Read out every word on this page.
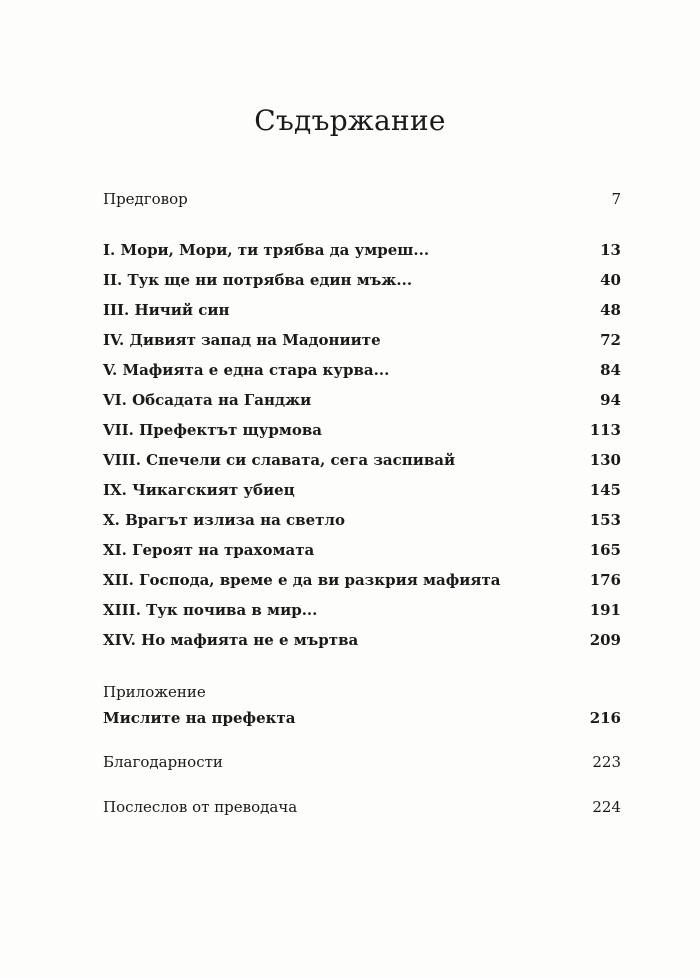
Съдържание
Предговор	7
I. Мори, Мори, ти трябва да умреш...	13
II. Тук ще ни потрябва един мъж...	40
III. Ничий син	48
IV. Дивият запад на Мадониите	72
V. Мафията е една стара курва...	84
VI. Обсадата на Ганджи	94
VII. Префектът щурмова	113
VIII. Спечели си славата, сега заспивай	130
IX. Чикагският убиец	145
X. Врагът излиза на светло	153
XI. Героят на трахомата	165
XII. Господа, време е да ви разкрия мафията	176
XIII. Тук почива в мир...	191
XIV. Но мафията не е мъртва	209
Приложение
Мислите на префекта	216
Благодарности	223
Послеслов от преводача	224
